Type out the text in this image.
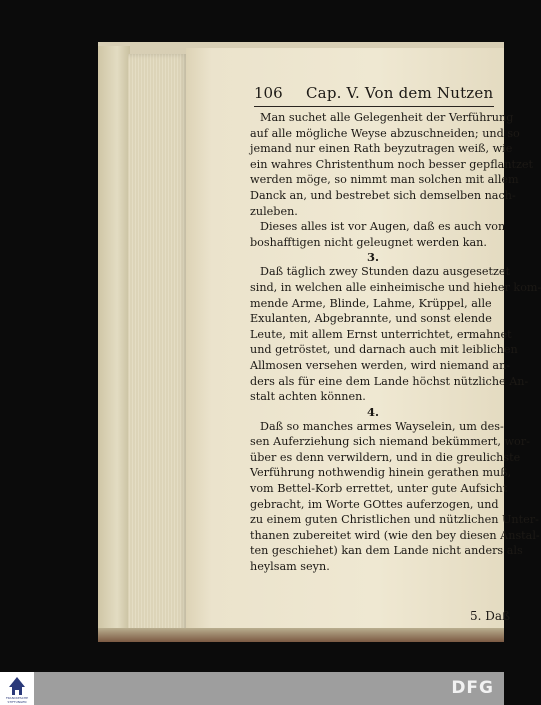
106 Cap. V. Von dem Nutzen

Man suchet alle Gelegenheit der Verführung

auf alle mögliche Weyse abzuschneiden; und so

jemand nur einen Rath beyzutragen weiß, wie

ein wahres Christenthum noch besser gepflantzet

werden möge, so nimmt man solchen mit allem

Danck an, und bestrebet sich demselben nach-

zuleben.

Dieses alles ist vor Augen, daß es auch von

boshafftigen nicht geleugnet werden kan.

3.

Daß täglich zwey Stunden dazu ausgesetzet

sind, in welchen alle einheimische und hieher kom-

mende Arme, Blinde, Lahme, Krüppel, alle

Exulanten, Abgebrannte, und sonst elende

Leute, mit allem Ernst unterrichtet, ermahnet

und getröstet, und darnach auch mit leiblichen

Allmosen versehen werden, wird niemand an-

ders als für eine dem Lande höchst nützliche An-

stalt achten können.

4.

Daß so manches armes Wayselein, um des-

sen Auferziehung sich niemand bekümmert, wor-

über es denn verwildern, und in die greulichste

Verführung nothwendig hinein gerathen muß,

vom Bettel-Korb errettet, unter gute Aufsicht

gebracht, im Worte GOttes auferzogen, und

zu einem guten Christlichen und nützlichen Unter-

thanen zubereitet wird (wie den bey diesen Anstal-

ten geschiehet) kan dem Lande nicht anders als

heylsam seyn.

5. Daß
FRANCKESCHE STIFTUNGEN
DFG
